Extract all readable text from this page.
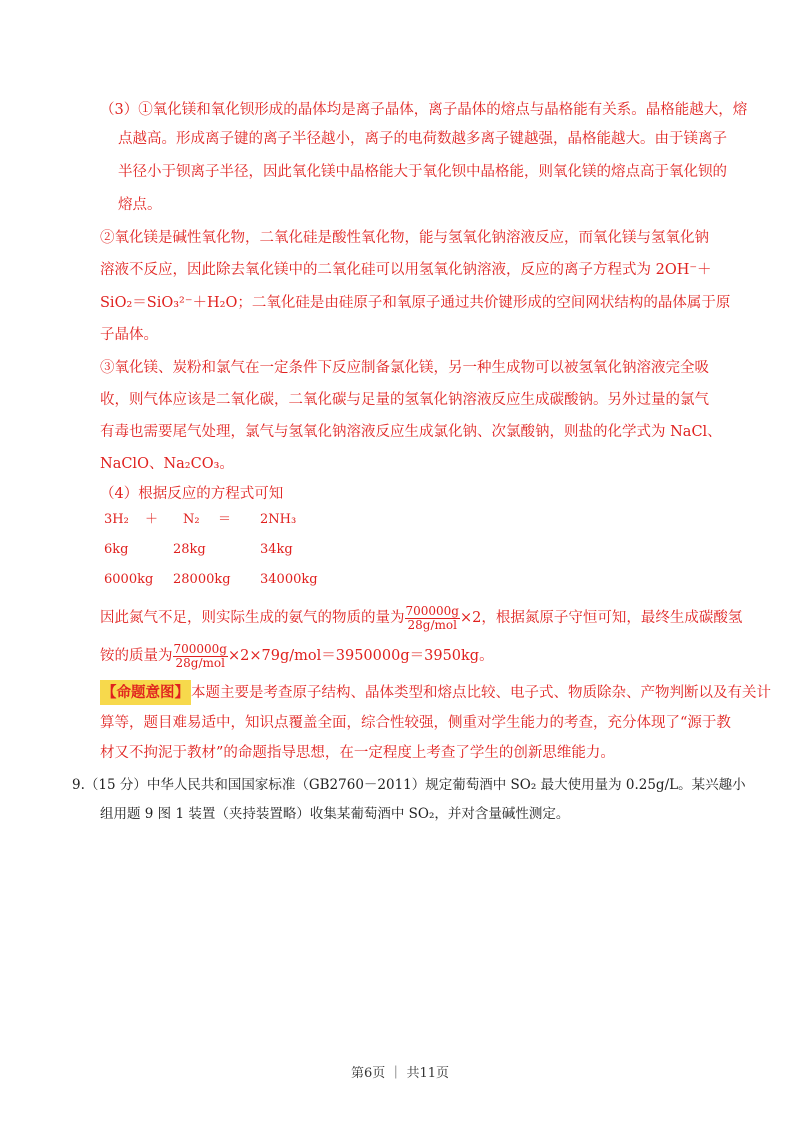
（3）①氧化镁和氧化钡形成的晶体均是离子晶体，离子晶体的熔点与晶格能有关系。晶格能越大，熔
点越高。形成离子键的离子半径越小，离子的电荷数越多离子键越强，晶格能越大。由于镁离子
半径小于钡离子半径，因此氧化镁中晶格能大于氧化钡中晶格能，则氧化镁的熔点高于氧化钡的
熔点。
②氧化镁是碱性氧化物，二氧化硅是酸性氧化物，能与氢氧化钠溶液反应，而氧化镁与氢氧化钠
溶液不反应，因此除去氧化镁中的二氧化硅可以用氢氧化钠溶液，反应的离子方程式为 2OH⁻＋
SiO₂＝SiO₃²⁻＋H₂O；二氧化硅是由硅原子和氧原子通过共价键形成的空间网状结构的晶体属于原
子晶体。
③氧化镁、炭粉和氯气在一定条件下反应制备氯化镁，另一种生成物可以被氢氧化钠溶液完全吸
收，则气体应该是二氧化碳，二氧化碳与足量的氢氧化钠溶液反应生成碳酸钠。另外过量的氯气
有毒也需要尾气处理，氯气与氢氧化钠溶液反应生成氯化钠、次氯酸钠，则盐的化学式为 NaCl、
NaClO、Na₂CO₃。
（4）根据反应的方程式可知
3H₂ ＋ N₂ ＝ 2NH₃
6kg	28kg	34kg
6000kg 28000kg 34000kg
因此氮气不足，则实际生成的氨气的物质的量为 $\frac{700000g}{\text{28g/mol}} \times 2$，根据氮原子守恒可知，最终生成碳酸氢
铵的质量为 $\frac{700000g}{\text{28g/mol}} \times 2\times 79g/mol=3950000g=3950kg$。
【命题意图】 本题主要是考查原子结构、晶体类型和熔点比较、电子式、物质除杂、产物判断以及有关计
算等，题目难易适中，知识点覆盖全面，综合性较强，侧重对学生能力的考查，充分体现了“源于教
材又不拘泥于教材”的命题指导思想，在一定程度上考查了学生的创新思维能力。
9.（15 分）中华人民共和国国家标准（GB2760－2011）规定葡萄酒中 SO₂ 最大使用量为 0.25g/L。某兴趣小
组用题 9 图 1 装置（夹持装置略）收集某葡萄酒中 SO₂，并对含量碱性测定。
第6页 ｜ 共11页
